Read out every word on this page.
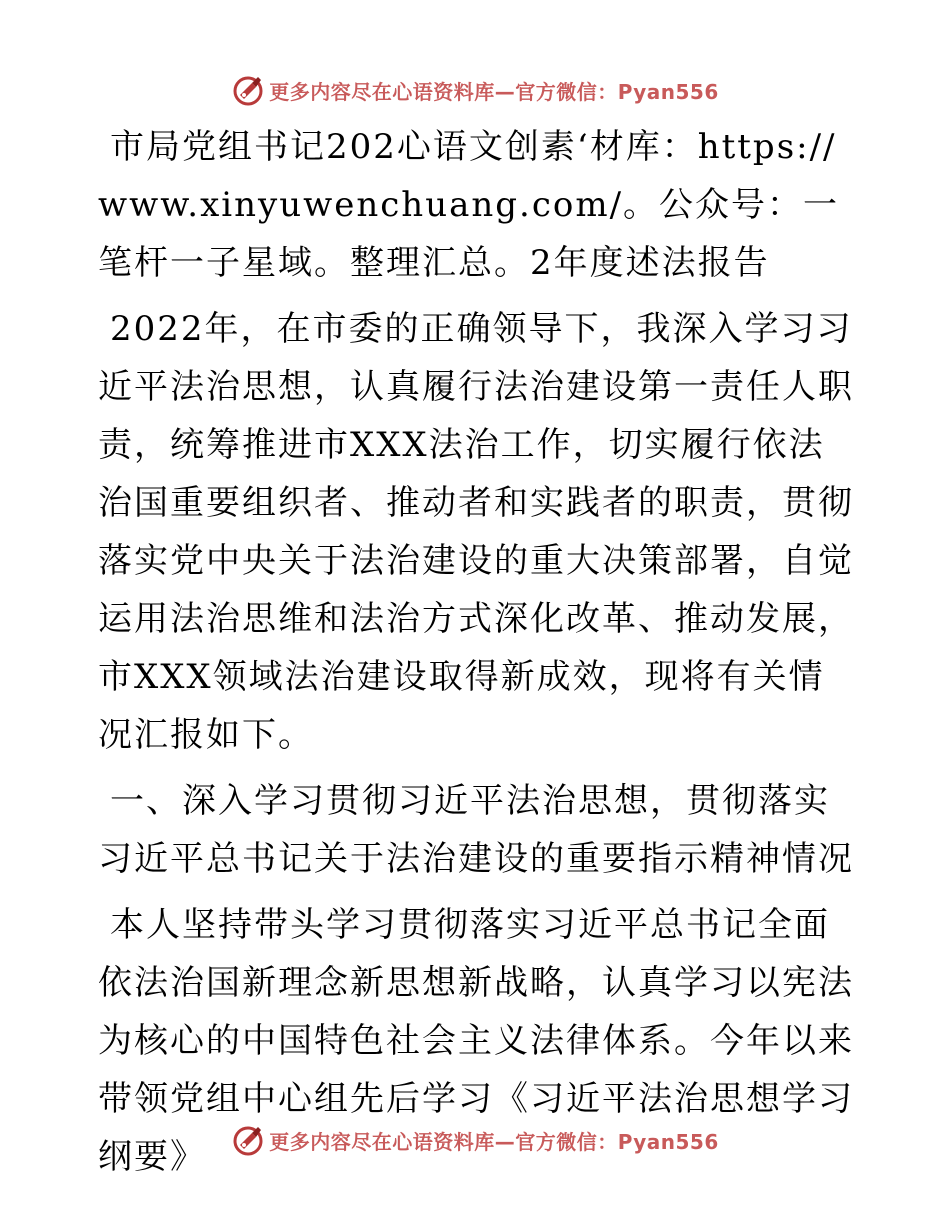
更多内容尽在心语资料库—官方微信：Pyan556

市局党组书记202心语文创素‘材库：https://www.xinyuwenchuang.com/。公众号：一笔杆一子星域。整理汇总。2年度述法报告

2022年，在市委的正确领导下，我深入学习习近平法治思想，认真履行法治建设第一责任人职责，统筹推进市XXX法治工作，切实履行依法治国重要组织者、推动者和实践者的职责，贯彻落实党中央关于法治建设的重大决策部署，自觉运用法治思维和法治方式深化改革、推动发展，市XXX领域法治建设取得新成效，现将有关情况汇报如下。

一、深入学习贯彻习近平法治思想，贯彻落实习近平总书记关于法治建设的重要指示精神情况

本人坚持带头学习贯彻落实习近平总书记全面依法治国新理念新思想新战略，认真学习以宪法为核心的中国特色社会主义法律体系。今年以来带领党组中心组先后学习《习近平法治思想学习纲要》	更多内容尽在心语资料库—官方微信：Pyan556
